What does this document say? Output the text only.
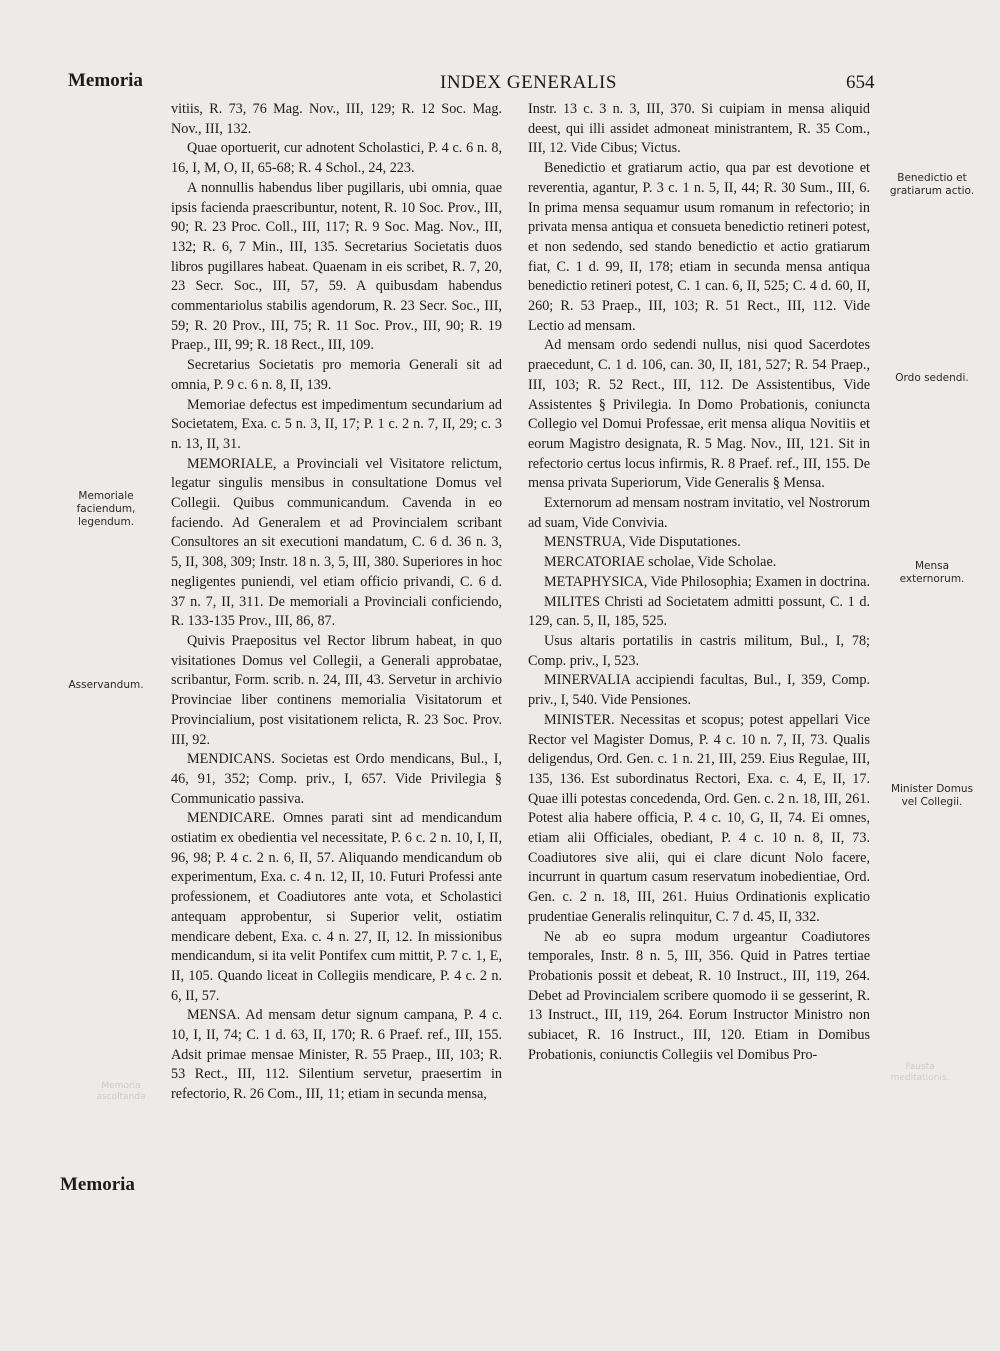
Memoria	INDEX GENERALIS	654
Memoriale faciendum, legendum.
Asservandum.
Memoria ascoltanda
Benedictio et gratiarum actio.
Ordo sedendi.
Mensa externorum.
Minister Domus vel Collegii.
Fausta meditationis.

vitiis, R. 73, 76 Mag. Nov., III, 129; R. 12 Soc. Mag. Nov., III, 132.

Quae oportuerit, cur adnotent Scholastici, P. 4 c. 6 n. 8, 16, I, M, O, II, 65-68; R. 4 Schol., 24, 223.

A nonnullis habendus liber pugillaris, ubi omnia, quae ipsis facienda praescribuntur, notent, R. 10 Soc. Prov., III, 90; R. 23 Proc. Coll., III, 117; R. 9 Soc. Mag. Nov., III, 132; R. 6, 7 Min., III, 135. Secretarius Societatis duos libros pugillares habeat. Quaenam in eis scribet, R. 7, 20, 23 Secr. Soc., III, 57, 59. A quibusdam habendus commentariolus stabilis agendorum, R. 23 Secr. Soc., III, 59; R. 20 Prov., III, 75; R. 11 Soc. Prov., III, 90; R. 19 Praep., III, 99; R. 18 Rect., III, 109.

Secretarius Societatis pro memoria Generali sit ad omnia, P. 9 c. 6 n. 8, II, 139.

Memoriae defectus est impedimentum secundarium ad Societatem, Exa. c. 5 n. 3, II, 17; P. 1 c. 2 n. 7, II, 29; c. 3 n. 13, II, 31.

MEMORIALE, a Provinciali vel Visitatore relictum, legatur singulis mensibus in consultatione Domus vel Collegii. Quibus communicandum. Cavenda in eo faciendo. Ad Generalem et ad Provincialem scribant Consultores an sit executioni mandatum, C. 6 d. 36 n. 3, 5, II, 308, 309; Instr. 18 n. 3, 5, III, 380. Superiores in hoc negligentes puniendi, vel etiam officio privandi, C. 6 d. 37 n. 7, II, 311. De memoriali a Provinciali conficiendo, R. 133-135 Prov., III, 86, 87.

Quivis Praepositus vel Rector librum habeat, in quo visitationes Domus vel Collegii, a Generali approbatae, scribantur, Form. scrib. n. 24, III, 43. Servetur in archivio Provinciae liber continens memorialia Visitatorum et Provincialium, post visitationem relicta, R. 23 Soc. Prov. III, 92.

MENDICANS. Societas est Ordo mendicans, Bul., I, 46, 91, 352; Comp. priv., I, 657. Vide Privilegia § Communicatio passiva.

MENDICARE. Omnes parati sint ad mendicandum ostiatim ex obedientia vel necessitate, P. 6 c. 2 n. 10, I, II, 96, 98; P. 4 c. 2 n. 6, II, 57. Aliquando mendicandum ob experimentum, Exa. c. 4 n. 12, II, 10. Futuri Professi ante professionem, et Coadiutores ante vota, et Scholastici antequam approbentur, si Superior velit, ostiatim mendicare debent, Exa. c. 4 n. 27, II, 12. In missionibus mendicandum, si ita velit Pontifex cum mittit, P. 7 c. 1, E, II, 105. Quando liceat in Collegiis mendicare, P. 4 c. 2 n. 6, II, 57.

MENSA. Ad mensam detur signum campana, P. 4 c. 10, I, II, 74; C. 1 d. 63, II, 170; R. 6 Praef. ref., III, 155. Adsit primae mensae Minister, R. 55 Praep., III, 103; R. 53 Rect., III, 112. Silentium servetur, praesertim in refectorio, R. 26 Com., III, 11; etiam in secunda mensa,

Instr. 13 c. 3 n. 3, III, 370. Si cuipiam in mensa aliquid deest, qui illi assidet admoneat ministrantem, R. 35 Com., III, 12. Vide Cibus; Victus.

Benedictio et gratiarum actio, qua par est devotione et reverentia, agantur, P. 3 c. 1 n. 5, II, 44; R. 30 Sum., III, 6. In prima mensa sequamur usum romanum in refectorio; in privata mensa antiqua et consueta benedictio retineri potest, et non sedendo, sed stando benedictio et actio gratiarum fiat, C. 1 d. 99, II, 178; etiam in secunda mensa antiqua benedictio retineri potest, C. 1 can. 6, II, 525; C. 4 d. 60, II, 260; R. 53 Praep., III, 103; R. 51 Rect., III, 112. Vide Lectio ad mensam.

Ad mensam ordo sedendi nullus, nisi quod Sacerdotes praecedunt, C. 1 d. 106, can. 30, II, 181, 527; R. 54 Praep., III, 103; R. 52 Rect., III, 112. De Assistentibus, Vide Assistentes § Privilegia. In Domo Probationis, coniuncta Collegio vel Domui Professae, erit mensa aliqua Novitiis et eorum Magistro designata, R. 5 Mag. Nov., III, 121. Sit in refectorio certus locus infirmis, R. 8 Praef. ref., III, 155. De mensa privata Superiorum, Vide Generalis § Mensa.

Externorum ad mensam nostram invitatio, vel Nostrorum ad suam, Vide Convivia.

MENSTRUA, Vide Disputationes.

MERCATORIAE scholae, Vide Scholae.

METAPHYSICA, Vide Philosophia; Examen in doctrina.

MILITES Christi ad Societatem admitti possunt, C. 1 d. 129, can. 5, II, 185, 525.

Usus altaris portatilis in castris militum, Bul., I, 78; Comp. priv., I, 523.

MINERVALIA accipiendi facultas, Bul., I, 359, Comp. priv., I, 540. Vide Pensiones.

MINISTER. Necessitas et scopus; potest appellari Vice Rector vel Magister Domus, P. 4 c. 10 n. 7, II, 73. Qualis deligendus, Ord. Gen. c. 1 n. 21, III, 259. Eius Regulae, III, 135, 136. Est subordinatus Rectori, Exa. c. 4, E, II, 17. Quae illi potestas concedenda, Ord. Gen. c. 2 n. 18, III, 261. Potest alia habere officia, P. 4 c. 10, G, II, 74. Ei omnes, etiam alii Officiales, obediant, P. 4 c. 10 n. 8, II, 73. Coadiutores sive alii, qui ei clare dicunt Nolo facere, incurrunt in quartum casum reservatum inobedientiae, Ord. Gen. c. 2 n. 18, III, 261. Huius Ordinationis explicatio prudentiae Generalis relinquitur, C. 7 d. 45, II, 332.

Ne ab eo supra modum urgeantur Coadiutores temporales, Instr. 8 n. 5, III, 356. Quid in Patres tertiae Probationis possit et debeat, R. 10 Instruct., III, 119, 264. Debet ad Provincialem scribere quomodo ii se gesserint, R. 13 Instruct., III, 119, 264. Eorum Instructor Ministro non subiacet, R. 16 Instruct., III, 120. Etiam in Domibus Probationis, coniunctis Collegiis vel Domibus Pro-

Memoria
